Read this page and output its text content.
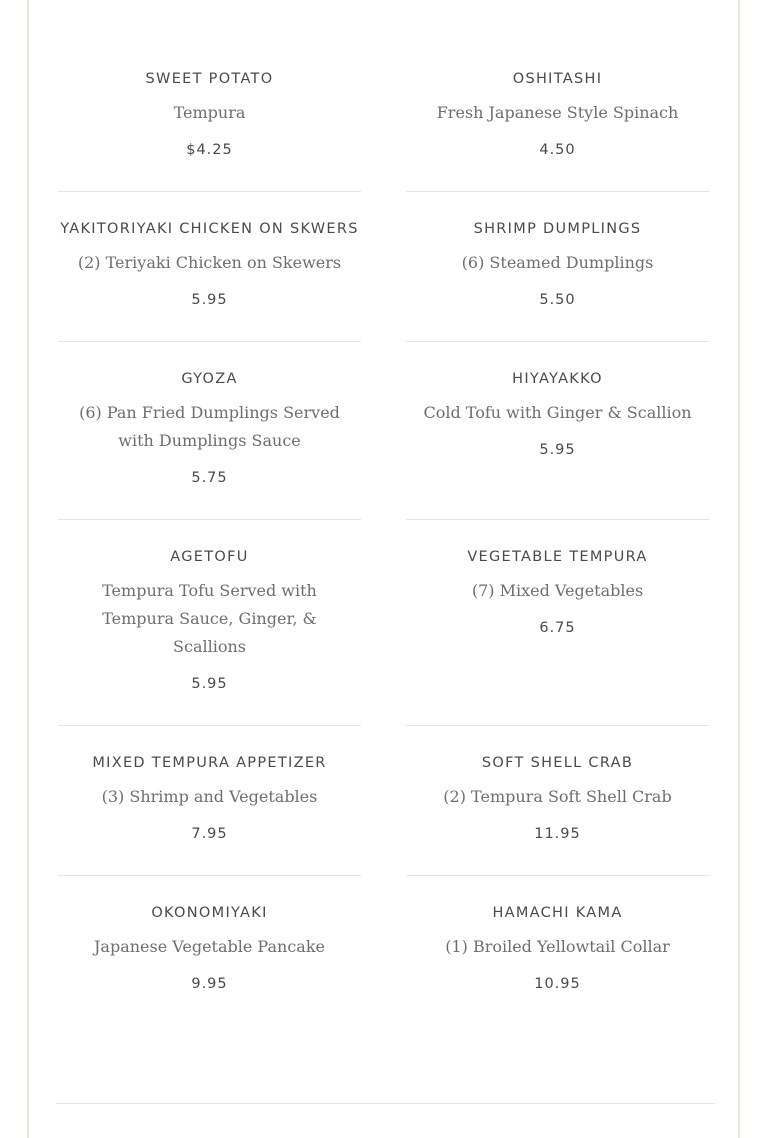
SWEET POTATO

Tempura

$4.25

OSHITASHI

Fresh Japanese Style Spinach

4.50

YAKITORIYAKI CHICKEN ON SKWERS

(2) Teriyaki Chicken on Skewers

5.95

SHRIMP DUMPLINGS

(6) Steamed Dumplings

5.50

GYOZA

(6) Pan Fried Dumplings Served with Dumplings Sauce

5.75

HIYAYAKKO

Cold Tofu with Ginger & Scallion

5.95

AGETOFU

Tempura Tofu Served with Tempura Sauce, Ginger, & Scallions

5.95

VEGETABLE TEMPURA

(7) Mixed Vegetables

6.75

MIXED TEMPURA APPETIZER

(3) Shrimp and Vegetables

7.95

SOFT SHELL CRAB

(2) Tempura Soft Shell Crab

11.95

OKONOMIYAKI

Japanese Vegetable Pancake

9.95

HAMACHI KAMA

(1) Broiled Yellowtail Collar

10.95
